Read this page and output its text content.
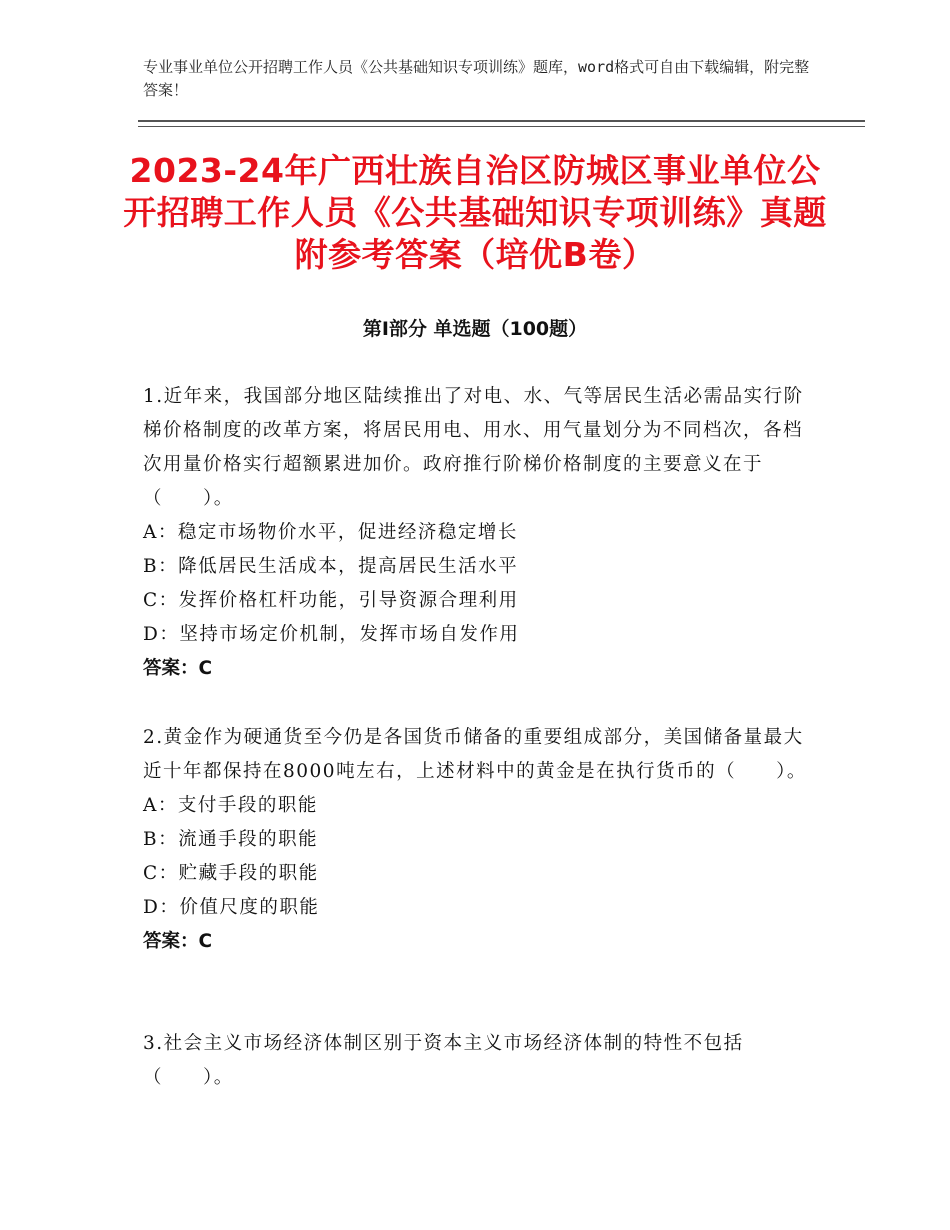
专业事业单位公开招聘工作人员《公共基础知识专项训练》题库，word格式可自由下载编辑，附完整答案！
2023-24年广西壮族自治区防城区事业单位公开招聘工作人员《公共基础知识专项训练》真题附参考答案（培优B卷）
第Ⅰ部分 单选题（100题）

1.近年来，我国部分地区陆续推出了对电、水、气等居民生活必需品实行阶梯价格制度的改革方案，将居民用电、用水、用气量划分为不同档次，各档次用量价格实行超额累进加价。政府推行阶梯价格制度的主要意义在于（　　）。

A：稳定市场物价水平，促进经济稳定增长

B：降低居民生活成本，提高居民生活水平

C：发挥价格杠杆功能，引导资源合理利用

D：坚持市场定价机制，发挥市场自发作用

答案：C

2.黄金作为硬通货至今仍是各国货币储备的重要组成部分，美国储备量最大近十年都保持在8000吨左右，上述材料中的黄金是在执行货币的（　　）。

A：支付手段的职能

B：流通手段的职能

C：贮藏手段的职能

D：价值尺度的职能

答案：C

3.社会主义市场经济体制区别于资本主义市场经济体制的特性不包括（　　）。
